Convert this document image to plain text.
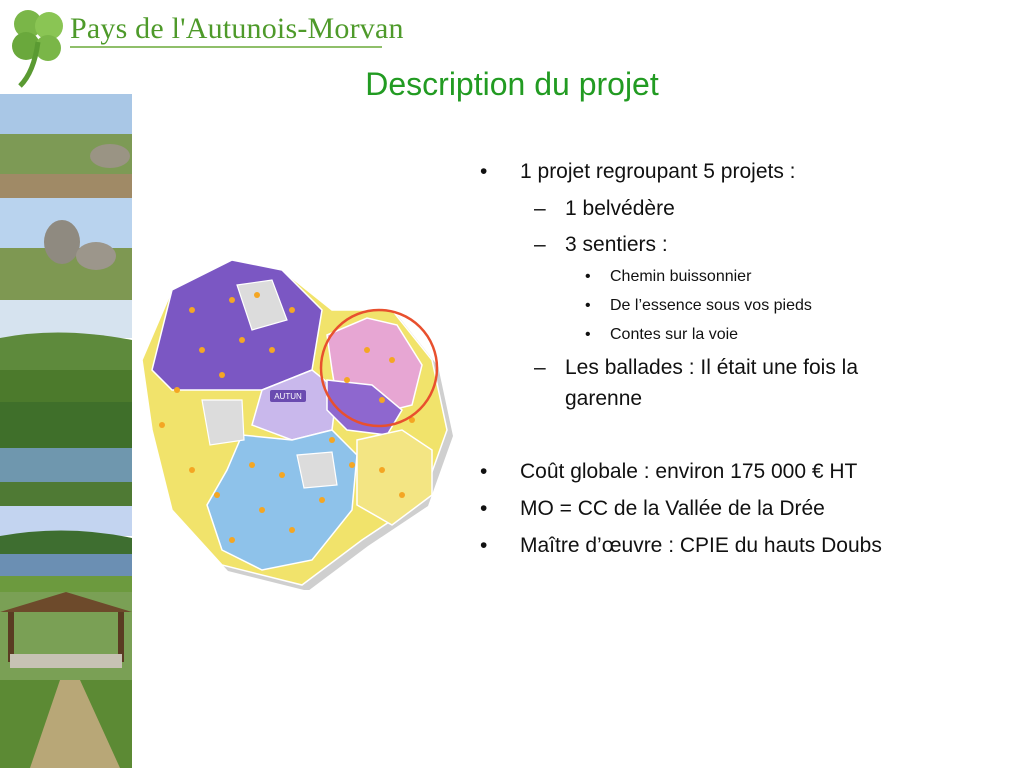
Pays de l'Autunois-Morvan
Description du projet
AUTUN
• 1 projet regroupant 5 projets :
– 1 belvédère
– 3 sentiers :
• Chemin buissonnier
• De l’essence sous vos pieds
• Contes sur la voie
– Les ballades : Il était une fois la
garenne
• Coût globale : environ 175 000 € HT
• MO = CC de la Vallée de la Drée
• Maître d’œuvre : CPIE du hauts Doubs
